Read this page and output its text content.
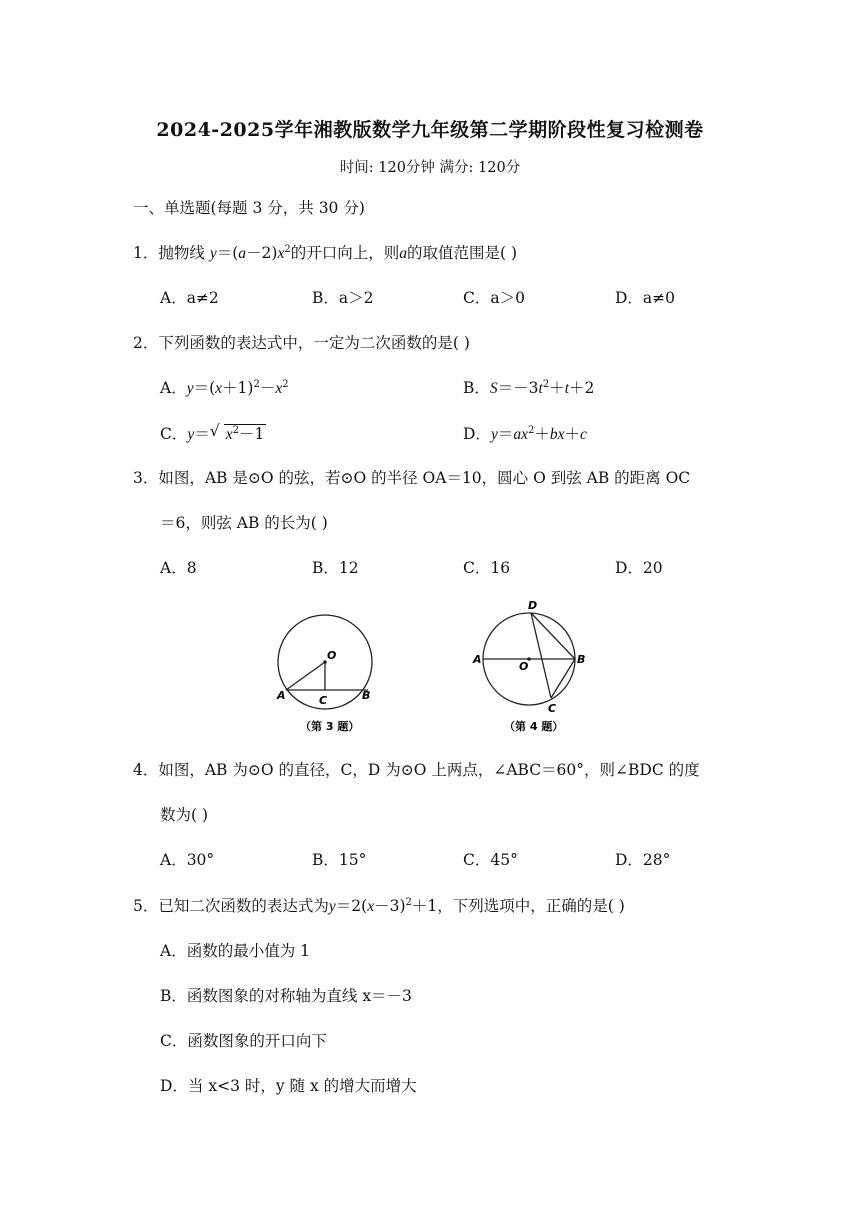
2024-2025学年湘教版数学九年级第二学期阶段性复习检测卷
时间: 120分钟 满分: 120分
一、单选题(每题 3 分，共 30 分)
1．抛物线 $y=(a-2)x^2$的开口向上，则a的取值范围是( )
A．a≠2	B．a＞2	C．a＞0	D．a≠0
2．下列函数的表达式中，一定为二次函数的是( )
A．$y=(x+1)^2-x^2$	B．$S=-3t^2+t+2$
C．y＝ √ $x^2-1$	D．$y=ax^2+bx+c$
3．如图，AB 是⊙O 的弦，若⊙O 的半径 OA＝10，圆心 O 到弦 AB 的距离 OC
＝6，则弦 AB 的长为( )
A．8	B．12	C．16	D．20
O
A	C	B
（第 3 题）
D
A
O
B
C
（第 4 题）
4．如图，AB 为⊙O 的直径，C，D 为⊙O 上两点，∠ABC＝60°，则∠BDC 的度
数为( )
A．30°	B．15°	C．45°	D．28°
5．已知二次函数的表达式为$y=2(x-3)^2+1$，下列选项中，正确的是( )
A．函数的最小值为 1
B．函数图象的对称轴为直线 x＝－3
C．函数图象的开口向下
D．当 x<3 时，y 随 x 的增大而增大
